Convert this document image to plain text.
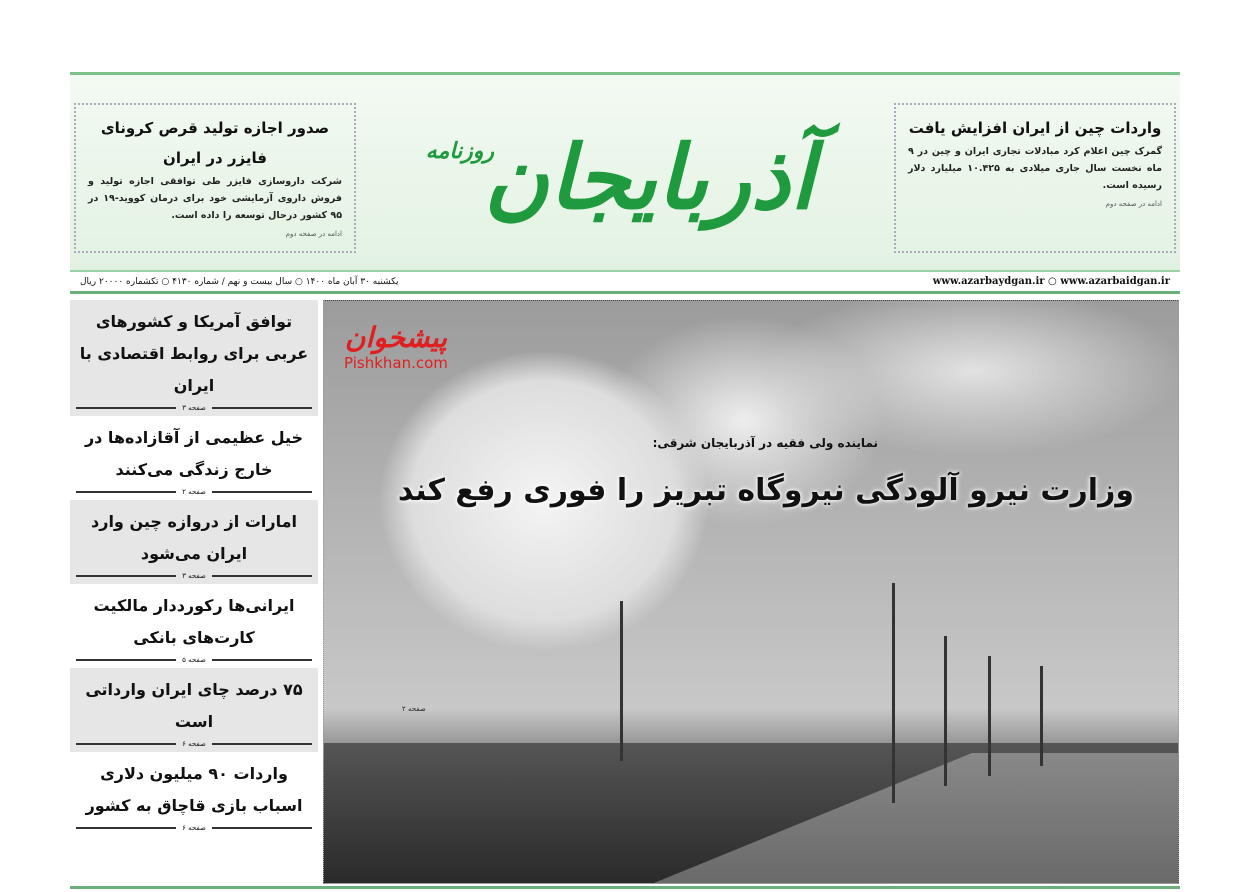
صدور اجازه تولید قرص کرونای فایزر در ایران

شرکت داروسازی فایزر طی توافقی اجازه تولید و فروش داروی آزمایشی خود برای درمان کووید-۱۹ در ۹۵ کشور درحال توسعه را داده است.

ادامه در صفحه دوم
آذربایجان
روزنامه
واردات چین از ایران افزایش یافت

گمرک چین اعلام کرد مبادلات تجاری ایران و چین در ۹ ماه نخست سال جاری میلادی به ۱۰.۴۲۵ میلیارد دلار رسیده است.

ادامه در صفحه دوم
یکشنبه ۳۰ آبان ماه ۱۴۰۰ ○ سال بیست و نهم / شماره ۴۱۳۰ ○ تکشماره ۲۰۰۰۰ ریال	www.azarbaydgan.ir ○ www.azarbaidgan.ir
توافق آمریکا و کشورهای عربی برای روابط اقتصادی با ایران
صفحه ۳
خیل عظیمی از آقازاده‌ها در خارج زندگی می‌کنند
صفحه ۲
امارات از دروازه چین وارد ایران می‌شود
صفحه ۳
ایرانی‌ها رکورددار مالکیت کارت‌های بانکی
صفحه ۵
۷۵ درصد چای ایران وارداتی است
صفحه ۶
واردات ۹۰ میلیون دلاری اسباب بازی قاچاق به کشور
صفحه ۶
پیشخوان
Pishkhan.com
نماینده ولی فقیه در آذربایجان شرقی:
وزارت نیرو آلودگی نیروگاه تبریز را فوری رفع کند
صفحه ۲
